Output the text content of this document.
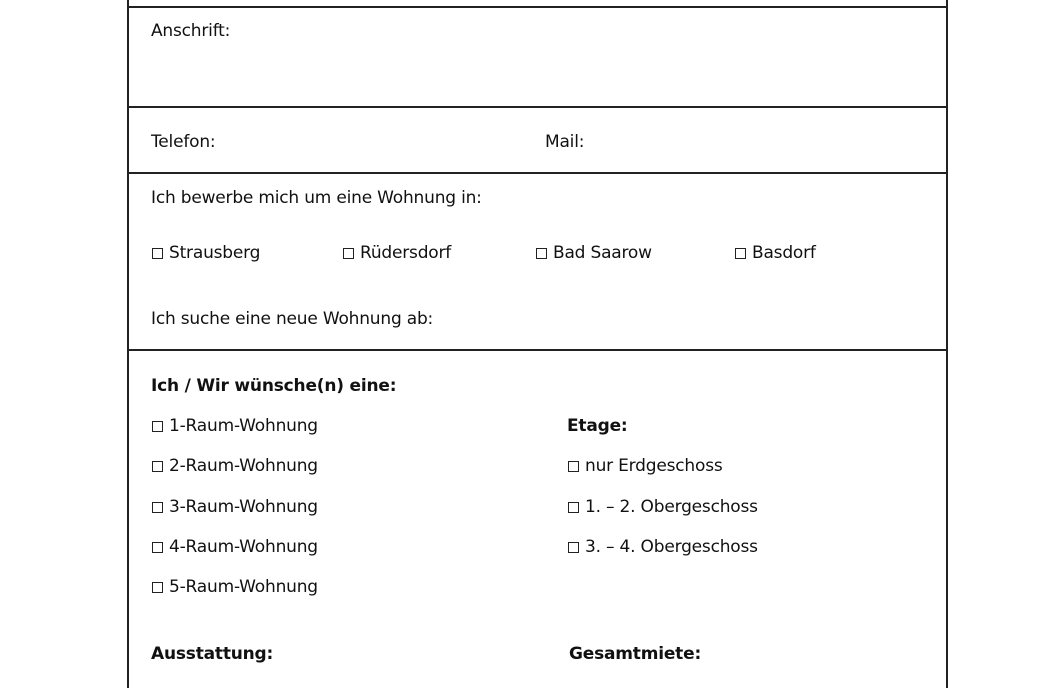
Anschrift:
Telefon:	Mail:
Ich bewerbe mich um eine Wohnung in:
Strausberg	Rüdersdorf	Bad Saarow	Basdorf
Ich suche eine neue Wohnung ab:
Ich / Wir wünsche(n) eine:
1-Raum-Wohnung
2-Raum-Wohnung
3-Raum-Wohnung
4-Raum-Wohnung
5-Raum-Wohnung
Etage:
nur Erdgeschoss
1. – 2. Obergeschoss
3. – 4. Obergeschoss
Ausstattung:	Gesamtmiete:
